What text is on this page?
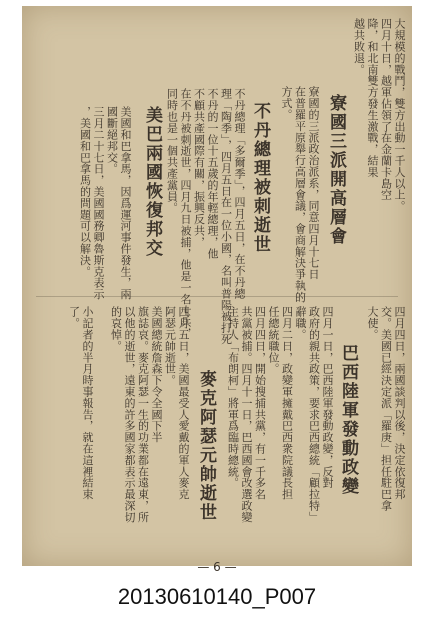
大規模的戰鬥，雙方出動一千人以上。
四月十日，越軍佔領了在金蘭卡島空
降，和北南雙方發生激戰，結果
越共敗退。
寮國三派開高層會
寮國的三派政治派系，同意四月十七日
在普羅平原舉行高層會議，會商解決爭執的
方式。
不丹總理被刺逝世
不丹總理「多爾季」，四月五日，在不丹總
理「陶季」，四月五日在一位小國，名叫普陽被打死
不丹的一位十五歲的年輕總理，他
不顧共產國際有關，振興反共，
在不丹被刺逝世，四月九日被捕，他是一名士兵，
同時也是一個共產黨員。
美巴兩國恢復邦交
美國和巴拿馬，因爲運河事件發生，兩
國斷絕邦交。
三月二十七日，美國國務卿魯斯克表示
，美國和巴拿馬的問題可以解決。
四月四日，兩國談判以後，決定依復邦
交。美國已經決定派「羅庚」担任駐巴拿
大使。
巴西陸軍發動政變
四月一日，巴西陸軍發動政變，反對
政府的親共政策，要求巴西總統「顧拉特」
辭職。
四月二日，政變軍擁戴巴西衆院議長担
任總統職位。
四月四日，開始搜捕共黨，有一千多名
共黨被捕。四月十一日，巴西國會改選政變
主持人「布朗柯」將軍爲臨時總統。
麥克阿瑟元帥逝世
四月五日，美國最受人愛戴的軍人麥克
阿瑟元帥逝世。
美國總統詹森下令全國下半
旗誌哀。麥克阿瑟一生的功業都在遠東，所
以他的逝世，遠東的許多國家都表示最深切
的哀悼。
小記者的半月時事報告，就在這裡結束
了。
— 6 —
20130610140_P007
